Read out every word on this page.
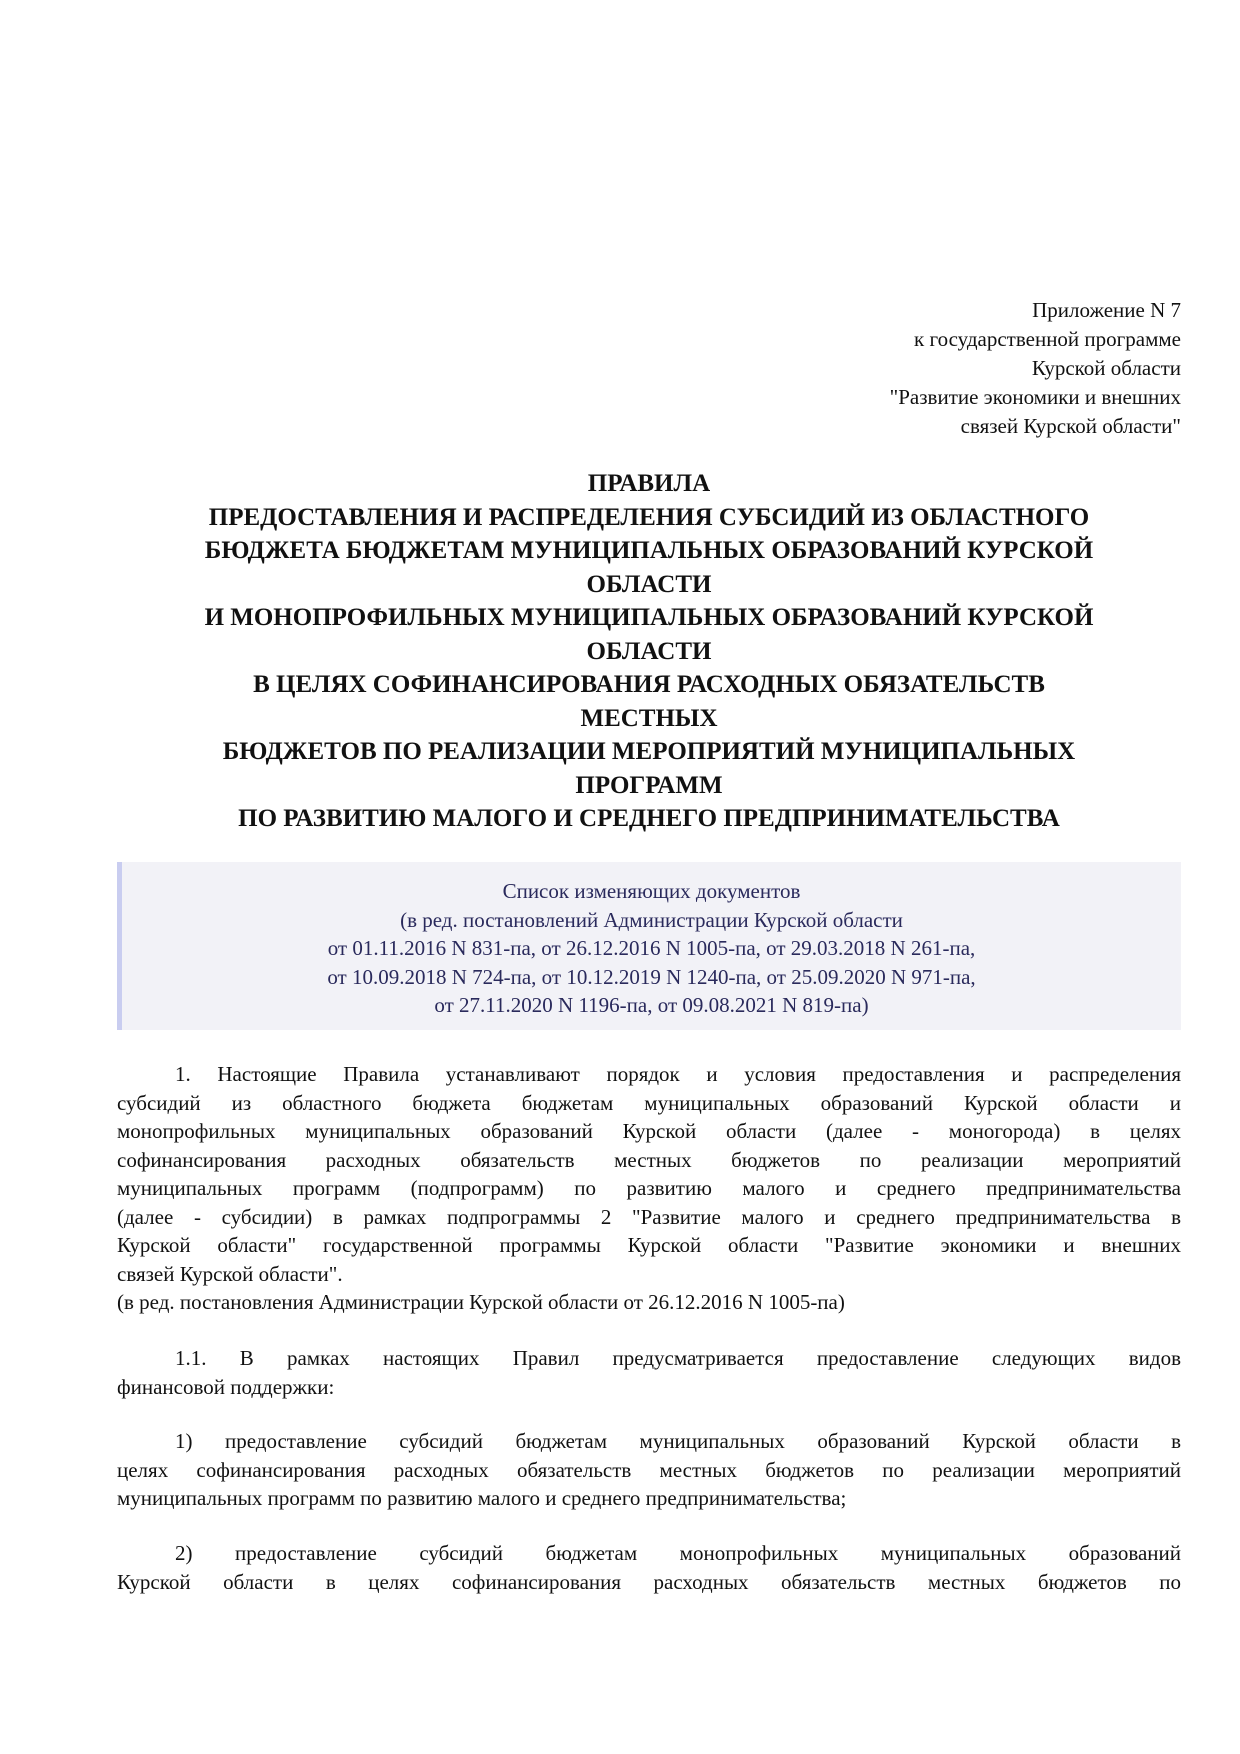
Приложение N 7
к государственной программе
Курской области
"Развитие экономики и внешних
связей Курской области"
ПРАВИЛА
ПРЕДОСТАВЛЕНИЯ И РАСПРЕДЕЛЕНИЯ СУБСИДИЙ ИЗ ОБЛАСТНОГО
БЮДЖЕТА БЮДЖЕТАМ МУНИЦИПАЛЬНЫХ ОБРАЗОВАНИЙ КУРСКОЙ
ОБЛАСТИ
И МОНОПРОФИЛЬНЫХ МУНИЦИПАЛЬНЫХ ОБРАЗОВАНИЙ КУРСКОЙ
ОБЛАСТИ
В ЦЕЛЯХ СОФИНАНСИРОВАНИЯ РАСХОДНЫХ ОБЯЗАТЕЛЬСТВ
МЕСТНЫХ
БЮДЖЕТОВ ПО РЕАЛИЗАЦИИ МЕРОПРИЯТИЙ МУНИЦИПАЛЬНЫХ
ПРОГРАММ
ПО РАЗВИТИЮ МАЛОГО И СРЕДНЕГО ПРЕДПРИНИМАТЕЛЬСТВА
Список изменяющих документов
(в ред. постановлений Администрации Курской области
от 01.11.2016 N 831-па, от 26.12.2016 N 1005-па, от 29.03.2018 N 261-па,
от 10.09.2018 N 724-па, от 10.12.2019 N 1240-па, от 25.09.2020 N 971-па,
от 27.11.2020 N 1196-па, от 09.08.2021 N 819-па)
1. Настоящие Правила устанавливают порядок и условия предоставления и распределения
субсидий из областного бюджета бюджетам муниципальных образований Курской области и
монопрофильных муниципальных образований Курской области (далее - моногорода) в целях
софинансирования расходных обязательств местных бюджетов по реализации мероприятий
муниципальных программ (подпрограмм) по развитию малого и среднего предпринимательства
(далее - субсидии) в рамках подпрограммы 2 "Развитие малого и среднего предпринимательства в
Курской области" государственной программы Курской области "Развитие экономики и внешних
связей Курской области".
(в ред. постановления Администрации Курской области от 26.12.2016 N 1005-па)
1.1. В рамках настоящих Правил предусматривается предоставление следующих видов
финансовой поддержки:
1) предоставление субсидий бюджетам муниципальных образований Курской области в
целях софинансирования расходных обязательств местных бюджетов по реализации мероприятий
муниципальных программ по развитию малого и среднего предпринимательства;
2) предоставление субсидий бюджетам монопрофильных муниципальных образований
Курской области в целях софинансирования расходных обязательств местных бюджетов по
